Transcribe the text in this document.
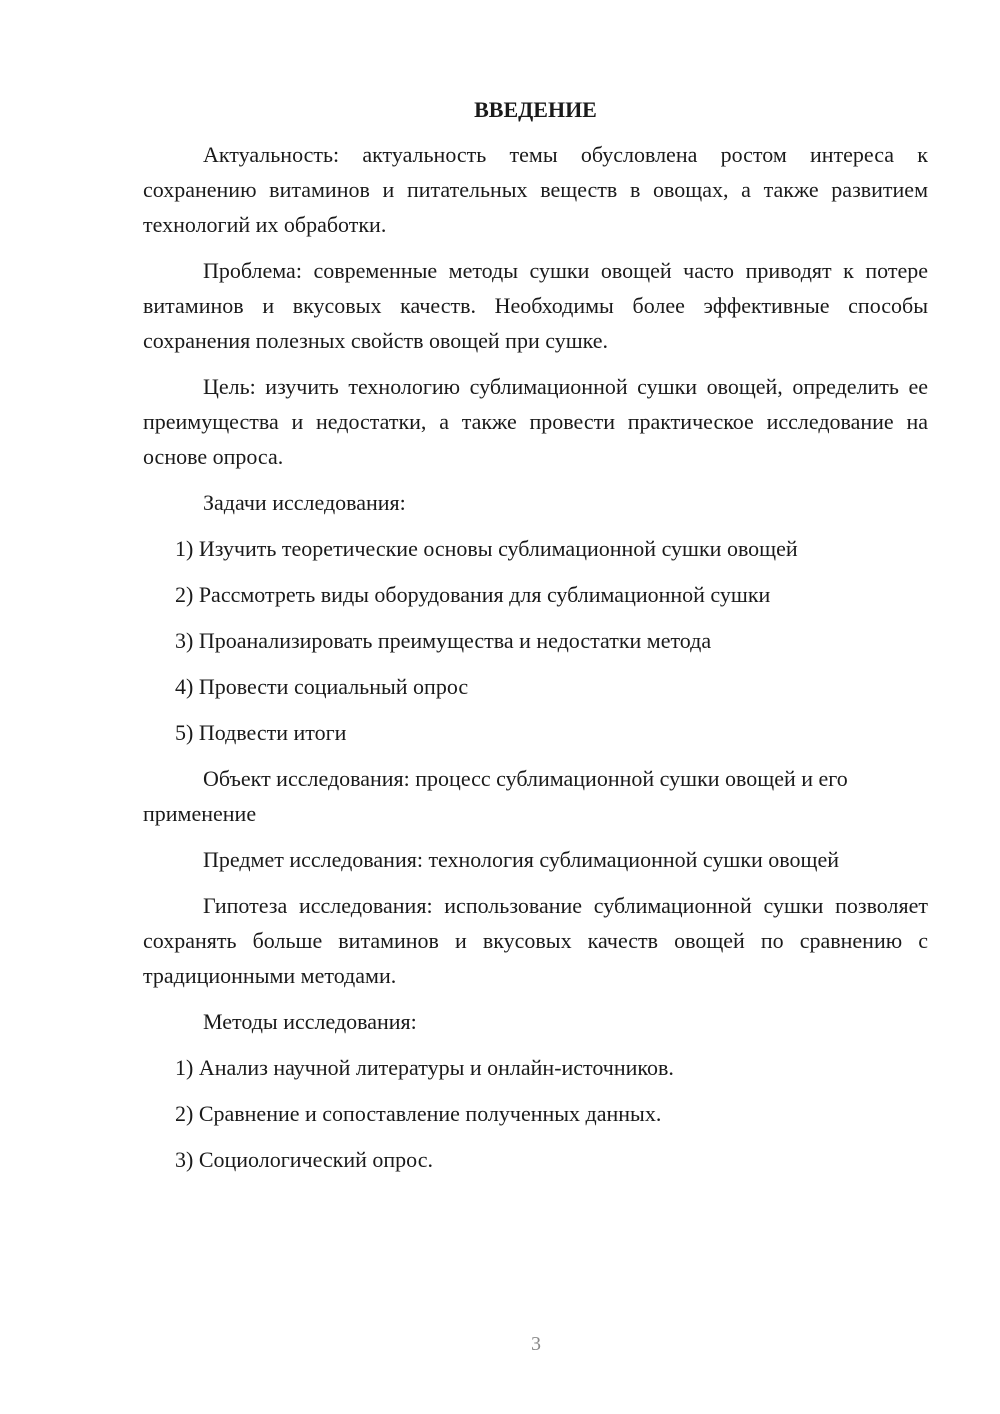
ВВЕДЕНИЕ

Актуальность: актуальность темы обусловлена ростом интереса к сохранению витаминов и питательных веществ в овощах, а также развитием технологий их обработки.

Проблема: современные методы сушки овощей часто приводят к потере витаминов и вкусовых качеств. Необходимы более эффективные способы сохранения полезных свойств овощей при сушке.

Цель: изучить технологию сублимационной сушки овощей, определить ее преимущества и недостатки, а также провести практическое исследование на основе опроса.

Задачи исследования:

1) Изучить теоретические основы сублимационной сушки овощей
2) Рассмотреть виды оборудования для сублимационной сушки
3) Проанализировать преимущества и недостатки метода
4) Провести социальный опрос
5) Подвести итоги

Объект исследования: процесс сублимационной сушки овощей и его применение

Предмет исследования: технология сублимационной сушки овощей

Гипотеза исследования: использование сублимационной сушки позволяет сохранять больше витаминов и вкусовых качеств овощей по сравнению с традиционными методами.

Методы исследования:

1) Анализ научной литературы и онлайн-источников.
2) Сравнение и сопоставление полученных данных.
3) Социологический опрос.
3
